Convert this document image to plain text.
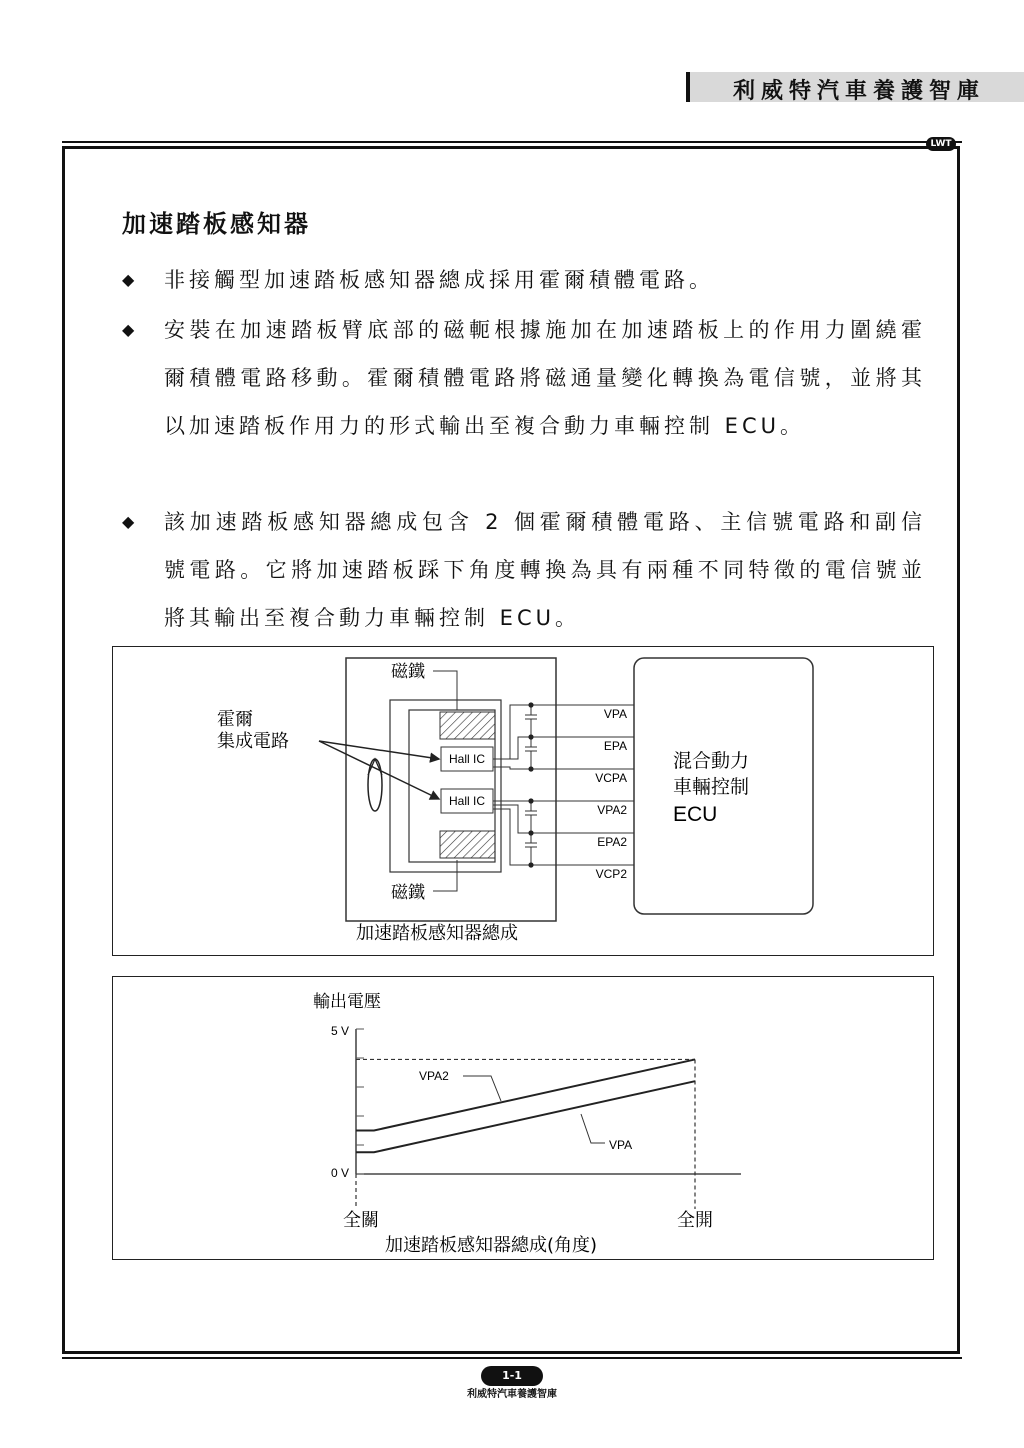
利威特汽車養護智庫
LWT
加速踏板感知器
◆ 非接觸型加速踏板感知器總成採用霍爾積體電路。
◆ 安裝在加速踏板臂底部的磁軛根據施加在加速踏板上的作用力圍繞霍爾積體電路移動。霍爾積體電路將磁通量變化轉換為電信號，並將其以加速踏板作用力的形式輸出至複合動力車輛控制 ECU。
◆ 該加速踏板感知器總成包含 2 個霍爾積體電路、主信號電路和副信號電路。它將加速踏板踩下角度轉換為具有兩種不同特徵的電信號並將其輸出至複合動力車輛控制 ECU。
Hall IC
Hall IC
磁鐵
磁鐵
霍爾
集成電路
VPA
EPA
VCPA
VPA2
EPA2
VCP2
混合動力
車輛控制
ECU
加速踏板感知器總成
輸出電壓
5 V
0 V
全關	全開
加速踏板感知器總成(角度)
VPA2
VPA
1-1
利威特汽車養護智庫
